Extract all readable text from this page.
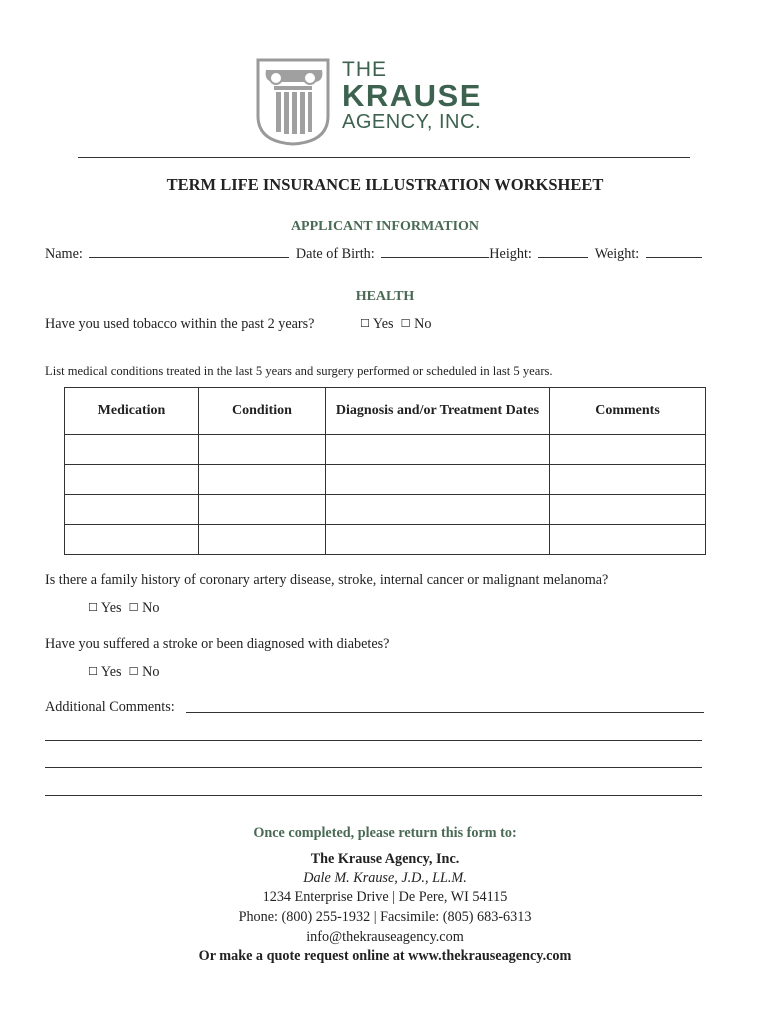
THE
KRAUSE
AGENCY, INC.
TERM LIFE INSURANCE ILLUSTRATION WORKSHEET
APPLICANT INFORMATION
Name:	Date of Birth:	Height:	Weight:
HEALTH
Have you used tobacco within the past 2 years?	☐ Yes ☐ No
List medical conditions treated in the last 5 years and surgery performed or scheduled in last 5 years.
Medication	Condition	Diagnosis and/or Treatment Dates	Comments

Is there a family history of coronary artery disease, stroke, internal cancer or malignant melanoma?
☐ Yes ☐ No
Have you suffered a stroke or been diagnosed with diabetes?
☐ Yes ☐ No
Additional Comments:
Once completed, please return this form to:
The Krause Agency, Inc.
Dale M. Krause, J.D., LL.M.
1234 Enterprise Drive | De Pere, WI 54115
Phone: (800) 255-1932 | Facsimile: (805) 683-6313
info@thekrauseagency.com
Or make a quote request online at www.thekrauseagency.com
